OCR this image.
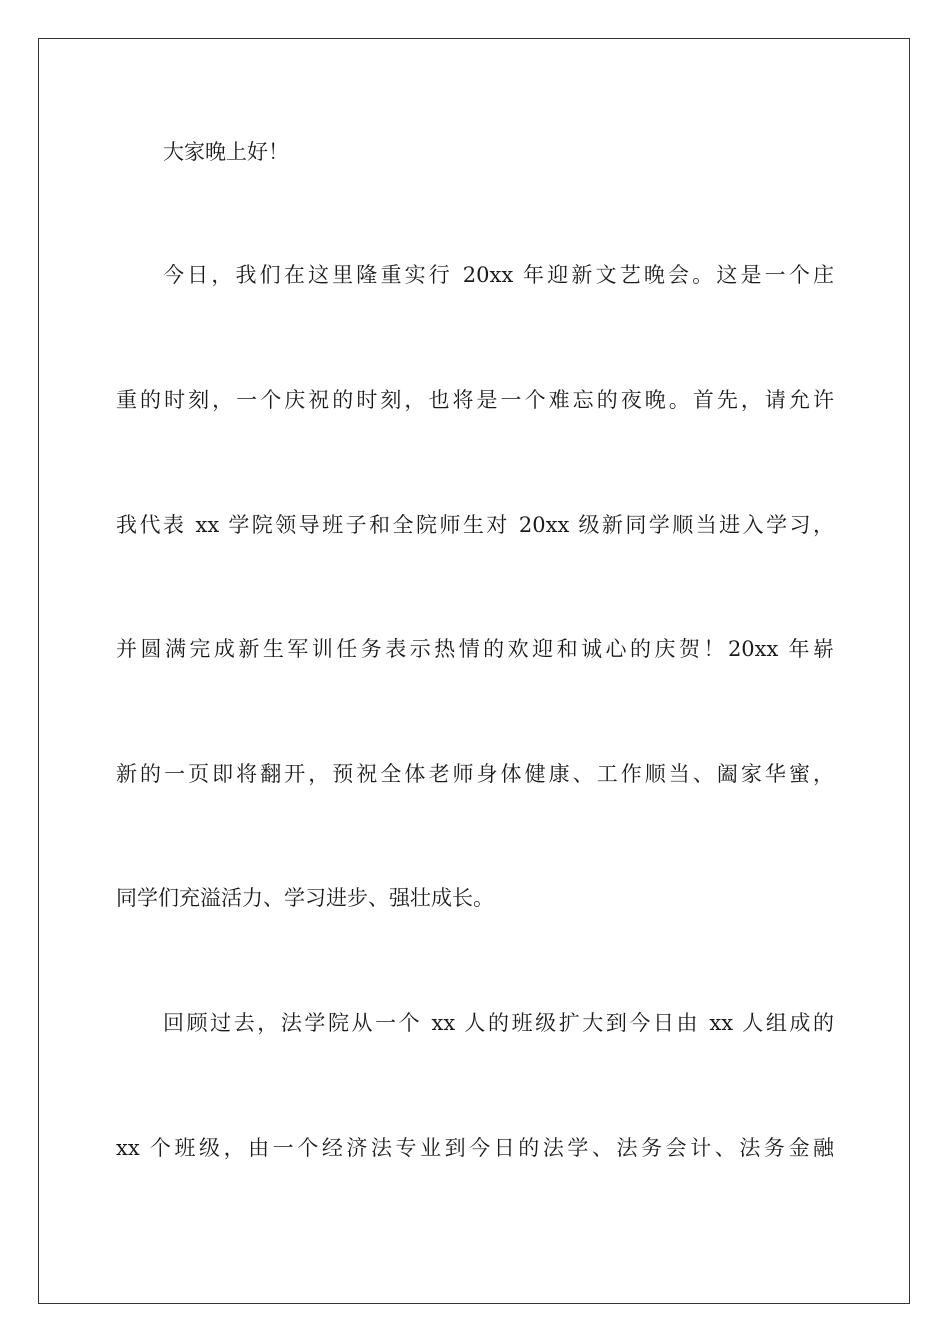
大家晚上好！
今日，我们在这里隆重实行 20xx 年迎新文艺晚会。这是一个庄
重的时刻，一个庆祝的时刻，也将是一个难忘的夜晚。首先，请允许
我代表 xx 学院领导班子和全院师生对 20xx 级新同学顺当进入学习，
并圆满完成新生军训任务表示热情的欢迎和诚心的庆贺！20xx 年崭
新的一页即将翻开，预祝全体老师身体健康、工作顺当、阖家华蜜，
同学们充溢活力、学习进步、强壮成长。
回顾过去，法学院从一个 xx 人的班级扩大到今日由 xx 人组成的
xx 个班级，由一个经济法专业到今日的法学、法务会计、法务金融
